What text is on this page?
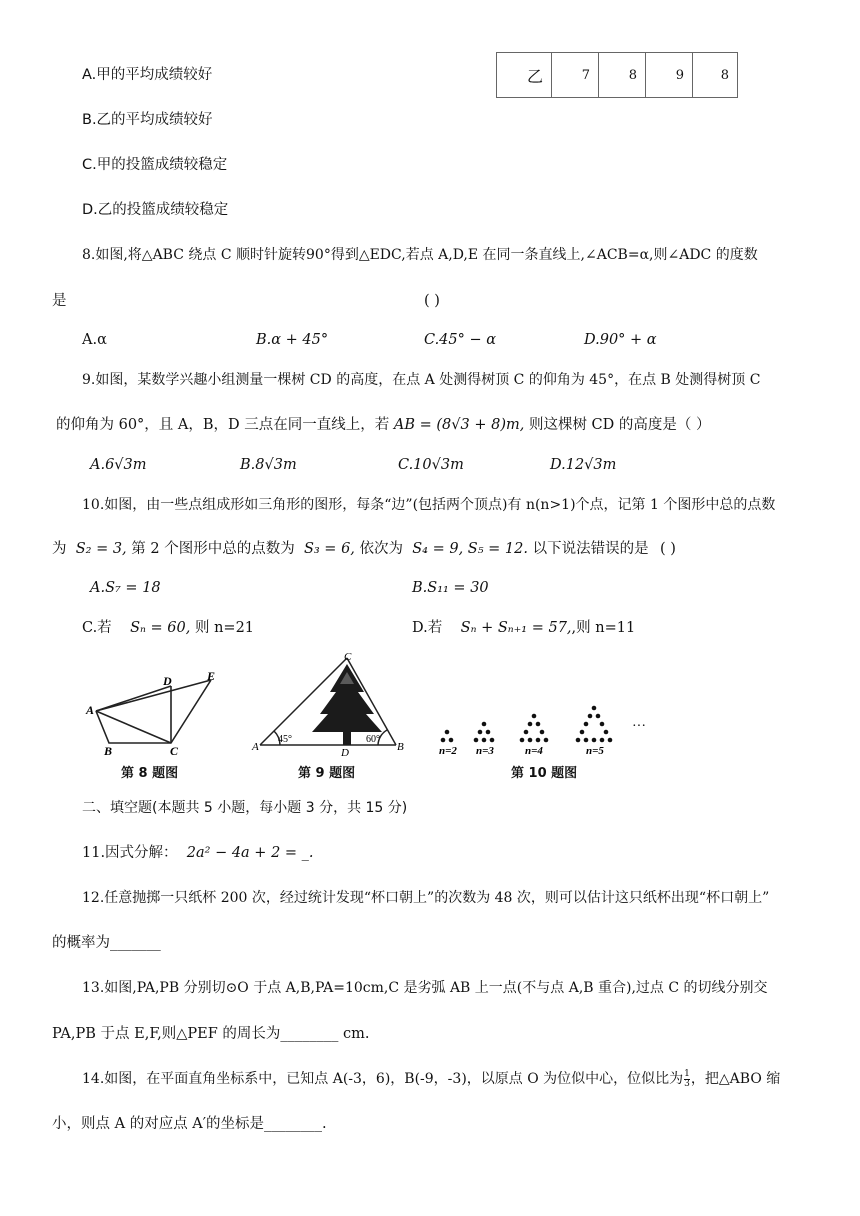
乙	7	8	9	8
A.甲的平均成绩较好
B.乙的平均成绩较好
C.甲的投篮成绩较稳定
D.乙的投篮成绩较稳定
8.如图,将△ABC 绕点 C 顺时针旋转90°得到△EDC,若点 A,D,E 在同一条直线上,∠ACB=α,则∠ADC 的度数
是	( )
A.α	B.α + 45°	C.45° − α	D.90° + α
9.如图，某数学兴趣小组测量一棵树 CD 的高度，在点 A 处测得树顶 C 的仰角为 45°，在点 B 处测得树顶 C
的仰角为 60°，且 A，B，D 三点在同一直线上，若 AB = (8√3 + 8)m, 则这棵树 CD 的高度是（ ）
A.6√3m	B.8√3m	C.10√3m	D.12√3m
10.如图，由一些点组成形如三角形的图形，每条“边”(包括两个顶点)有 n(n>1)个点，记第 1 个图形中总的点数
为 S₂ = 3, 第 2 个图形中总的点数为 S₃ = 6, 依次为 S₄ = 9, S₅ = 12. 以下说法错误的是 ( )
A.S₇ = 18	B.S₁₁ = 30
C.若 Sₙ = 60, 则 n=21	D.若 Sₙ + Sₙ₊₁ = 57,,则 n=11
A
B	C
D	E
第 8 题图
C
A	B
D
45°	60°
第 9 题图
n=2 n=3	n=4	n=5
···
第 10 题图
二、填空题(本题共 5 小题，每小题 3 分，共 15 分)
11.因式分解： 2a² − 4a + 2 = _.
12.任意抛掷一只纸杯 200 次，经过统计发现“杯口朝上”的次数为 48 次，则可以估计这只纸杯出现“杯口朝上”
的概率为_______
13.如图,PA,PB 分别切⊙O 于点 A,B,PA=10cm,C 是劣弧 AB 上一点(不与点 A,B 重合),过点 C 的切线分别交
PA,PB 于点 E,F,则△PEF 的周长为________ cm.
14.如图，在平面直角坐标系中，已知点 A(-3，6)，B(-9，-3)，以原点 O 为位似中心，位似比为 $\frac{1}{3}$ ，把△ABO 缩
小，则点 A 的对应点 A′的坐标是________.
